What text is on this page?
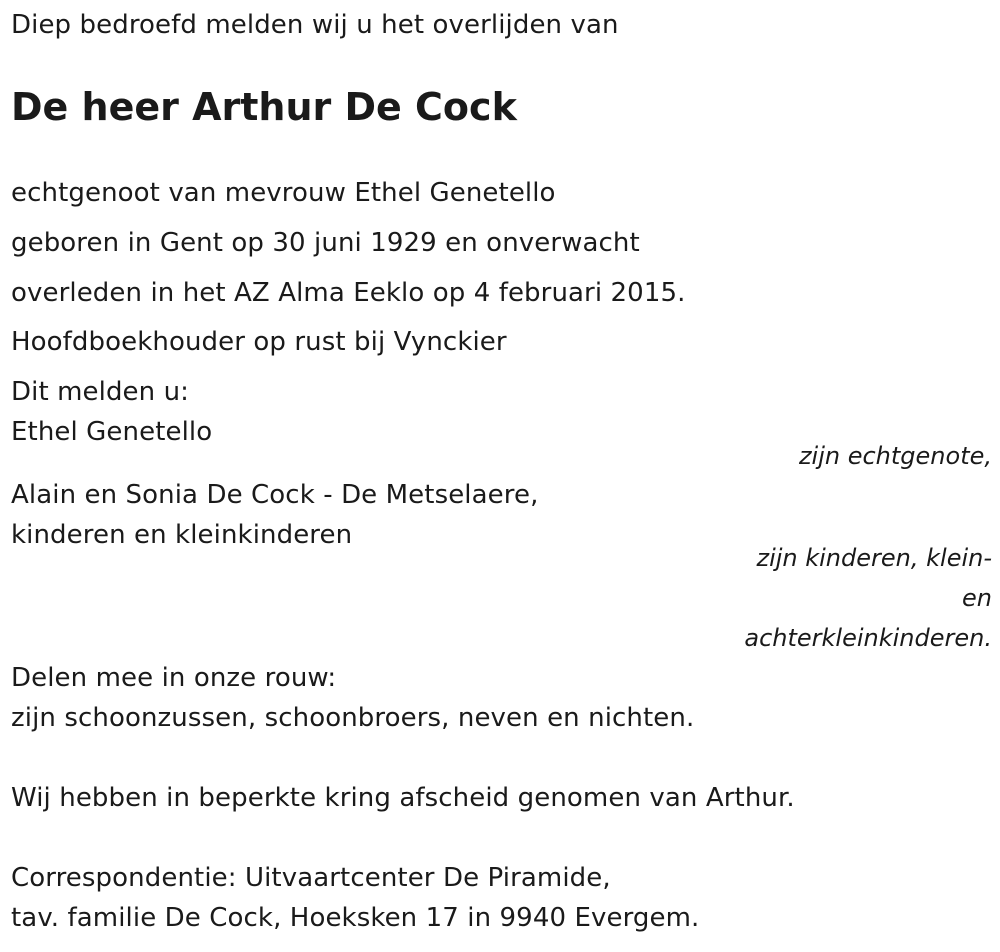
Diep bedroefd melden wij u het overlijden van
De heer Arthur De Cock
echtgenoot van mevrouw Ethel Genetello
geboren in Gent op 30 juni 1929 en onverwacht
overleden in het AZ Alma Eeklo op 4 februari 2015.
Hoofdboekhouder op rust bij Vynckier
Dit melden u:
Ethel Genetello
zijn echtgenote,
Alain en Sonia De Cock - De Metselaere,
kinderen en kleinkinderen
zijn kinderen, klein-
en
achterkleinkinderen.
Delen mee in onze rouw:
zijn schoonzussen, schoonbroers, neven en nichten.
Wij hebben in beperkte kring afscheid genomen van Arthur.
Correspondentie: Uitvaartcenter De Piramide,
tav. familie De Cock, Hoeksken 17 in 9940 Evergem.
